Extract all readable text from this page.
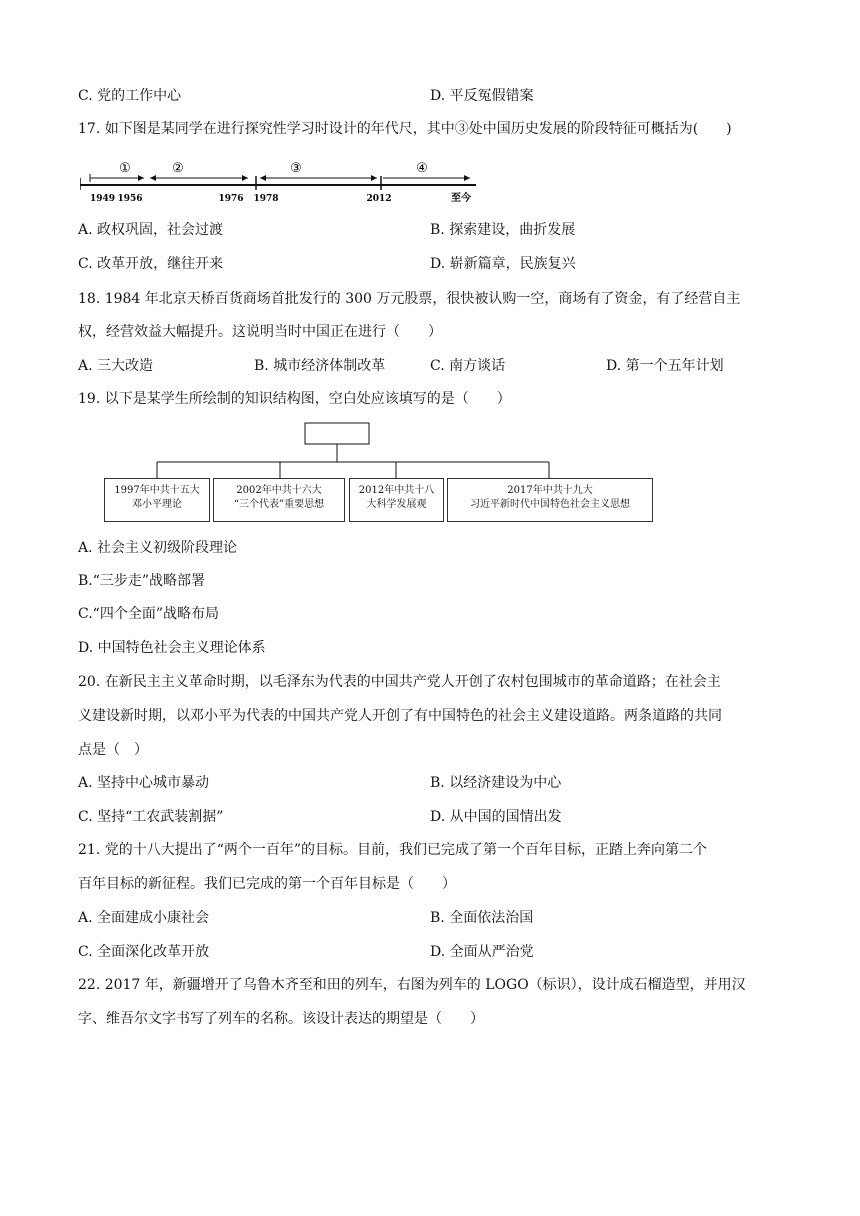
C. 党的工作中心	D. 平反冤假错案
17. 如下图是某同学在进行探究性学习时设计的年代尺，其中③处中国历史发展的阶段特征可概括为(　　)
①	②	③	④
1949 1956	1976 1978	2012	至今
A. 政权巩固，社会过渡	B. 探索建设，曲折发展
C. 改革开放，继往开来	D. 崭新篇章，民族复兴
18. 1984 年北京天桥百货商场首批发行的 300 万元股票，很快被认购一空，商场有了资金，有了经营自主
权，经营效益大幅提升。这说明当时中国正在进行（　　）
A. 三大改造	B. 城市经济体制改革	C. 南方谈话	D. 第一个五年计划
19. 以下是某学生所绘制的知识结构图，空白处应该填写的是（　　）
1997年中共十五大
邓小平理论
2002年中共十六大
“三个代表”重要思想
2012年中共十八
大科学发展观
2017年中共十九大
习近平新时代中国特色社会主义思想
A. 社会主义初级阶段理论
B.“三步走”战略部署
C.“四个全面”战略布局
D. 中国特色社会主义理论体系
20. 在新民主主义革命时期，以毛泽东为代表的中国共产党人开创了农村包围城市的革命道路；在社会主
义建设新时期，以邓小平为代表的中国共产党人开创了有中国特色的社会主义建设道路。两条道路的共同
点是（　）
A. 坚持中心城市暴动	B. 以经济建设为中心
C. 坚持“工农武装割据”	D. 从中国的国情出发
21. 党的十八大提出了“两个一百年”的目标。目前，我们已完成了第一个百年目标，正踏上奔向第二个
百年目标的新征程。我们已完成的第一个百年目标是（　　）
A. 全面建成小康社会	B. 全面依法治国
C. 全面深化改革开放	D. 全面从严治党
22. 2017 年，新疆增开了乌鲁木齐至和田的列车，右图为列车的 LOGO（标识），设计成石榴造型，并用汉
字、维吾尔文字书写了列车的名称。该设计表达的期望是（　　）
